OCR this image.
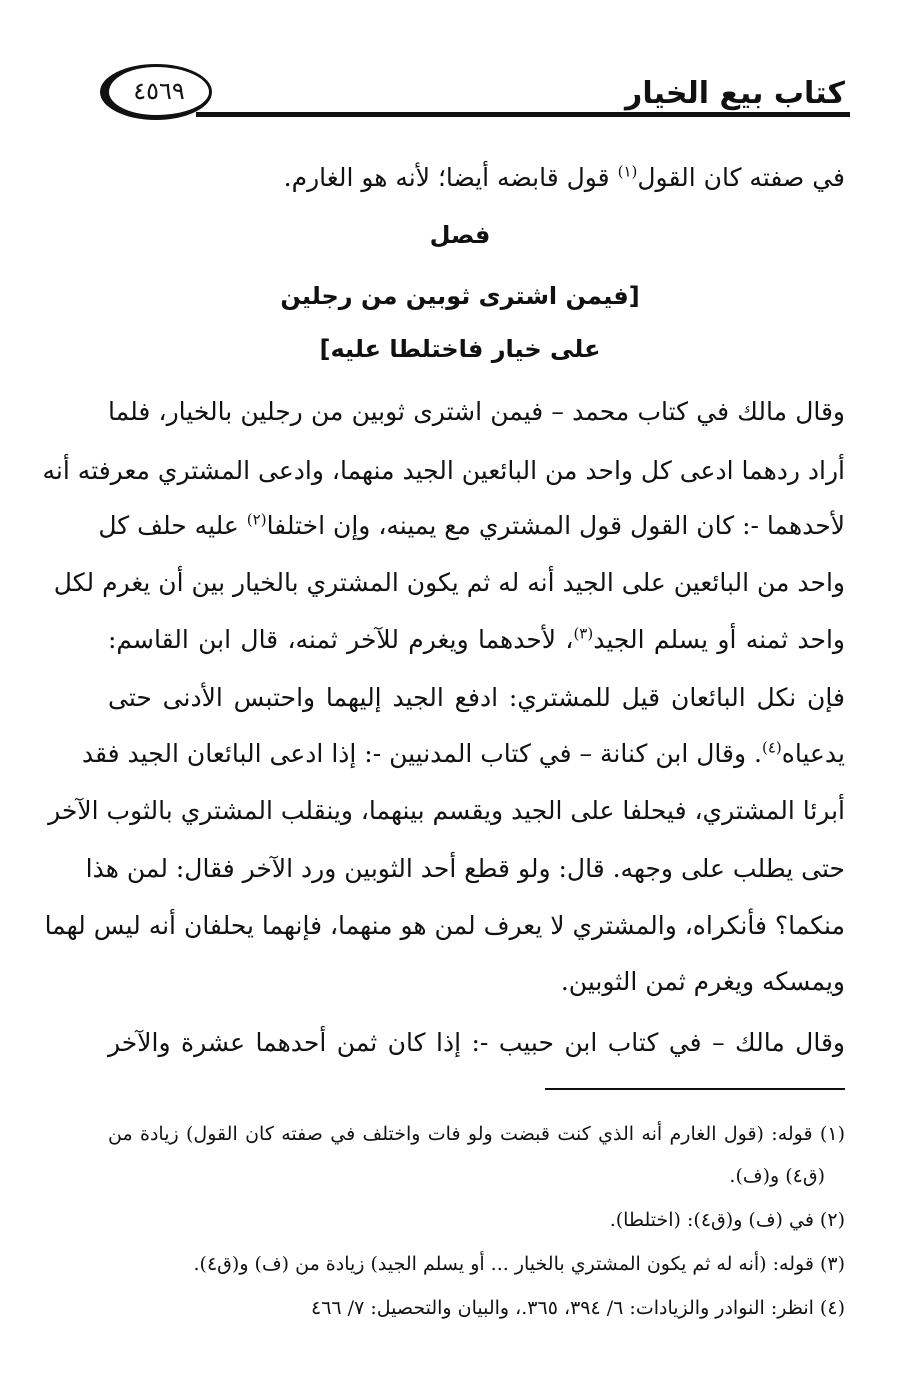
٤٥٦٩	كتاب بيع الخيار

في صفته كان القول$^{(١)}$ قول قابضه أيضا؛ لأنه هو الغارم.

فصل
[فيمن اشترى ثوبين من رجلين
على خيار فاختلطا عليه]

وقال مالك في كتاب محمد – فيمن اشترى ثوبين من رجلين بالخيار، فلما

أراد ردهما ادعى كل واحد من البائعين الجيد منهما، وادعى المشتري معرفته أنه

لأحدهما -: كان القول قول المشتري مع يمينه، وإن اختلفا$^{(٢)}$ عليه حلف كل

واحد من البائعين على الجيد أنه له ثم يكون المشتري بالخيار بين أن يغرم لكل

واحد ثمنه أو يسلم الجيد$^{(٣)}$، لأحدهما ويغرم للآخر ثمنه، قال ابن القاسم:

فإن نكل البائعان قيل للمشتري: ادفع الجيد إليهما واحتبس الأدنى حتى

يدعياه$^{(٤)}$. وقال ابن كنانة – في كتاب المدنيين -: إذا ادعى البائعان الجيد فقد

أبرئا المشتري، فيحلفا على الجيد ويقسم بينهما، وينقلب المشتري بالثوب الآخر

حتى يطلب على وجهه. قال: ولو قطع أحد الثوبين ورد الآخر فقال: لمن هذا

منكما؟ فأنكراه، والمشتري لا يعرف لمن هو منهما، فإنهما يحلفان أنه ليس لهما

ويمسكه ويغرم ثمن الثوبين.

وقال مالك – في كتاب ابن حبيب -: إذا كان ثمن أحدهما عشرة والآخر

(١) قوله: (قول الغارم أنه الذي كنت قبضت ولو فات واختلف في صفته كان القول) زيادة من

(ق٤) و(ف).

(٢) في (ف) و(ق٤): (اختلطا).

(٣) قوله: (أنه له ثم يكون المشتري بالخيار ... أو يسلم الجيد) زيادة من (ف) و(ق٤).

(٤) انظر: النوادر والزيادات: ٦/ ٣٩٤، ٣٦٥.، والبيان والتحصيل: ٧/ ٤٦٦
